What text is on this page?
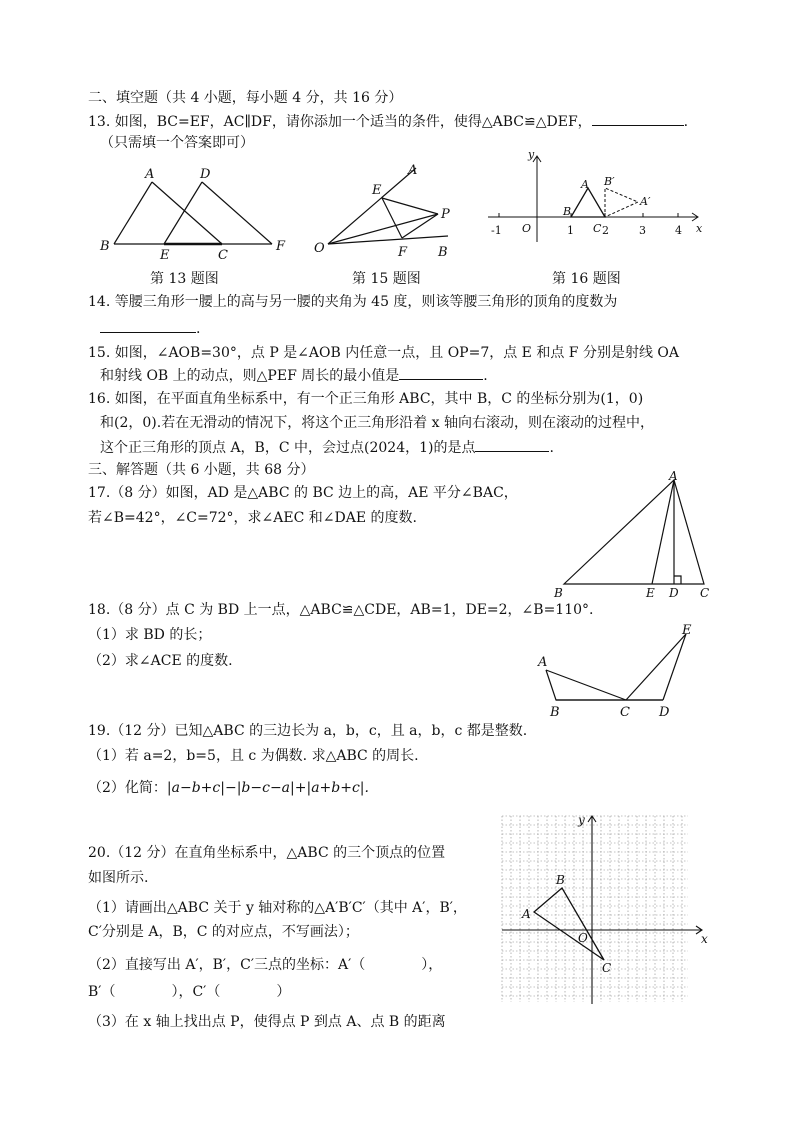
二、填空题（共 4 小题，每小题 4 分，共 16 分）
13. 如图，BC=EF，AC∥DF，请你添加一个适当的条件，使得△ABC≌△DEF，	.
（只需填一个答案即可）
A	D
B
E	C
F
第 13 题图
O
A
E
P
F B
第 15 题图
y
x
O
-1	1	2	3	4
A
B
C
B′
A′
第 16 题图
14. 等腰三角形一腰上的高与另一腰的夹角为 45 度，则该等腰三角形的顶角的度数为
.
15. 如图，∠AOB=30°，点 P 是∠AOB 内任意一点，且 OP=7，点 E 和点 F 分别是射线 OA
和射线 OB 上的动点，则△PEF 周长的最小值是	.
16. 如图，在平面直角坐标系中，有一个正三角形 ABC，其中 B，C 的坐标分别为(1，0)
和(2，0).若在无滑动的情况下，将这个正三角形沿着 x 轴向右滚动，则在滚动的过程中，
这个正三角形的顶点 A，B，C 中，会过点(2024，1)的是点	.
三、解答题（共 6 小题，共 68 分）
17.（8 分）如图，AD 是△ABC 的 BC 边上的高，AE 平分∠BAC，
若∠B=42°，∠C=72°，求∠AEC 和∠DAE 的度数.
A
B	E D C
18.（8 分）点 C 为 BD 上一点，△ABC≌△CDE，AB=1，DE=2，∠B=110°.
（1）求 BD 的长；
（2）求∠ACE 的度数.	A
B	C D
E
19.（12 分）已知△ABC 的三边长为 a，b，c，且 a，b，c 都是整数.
（1）若 a=2，b=5，且 c 为偶数. 求△ABC 的周长.
（2）化简：|a−b+c|−|b−c−a|+|a+b+c|.
20.（12 分）在直角坐标系中，△ABC 的三个顶点的位置
如图所示.
（1）请画出△ABC 关于 y 轴对称的△A′B′C′（其中 A′，B′，
C′分别是 A，B，C 的对应点，不写画法）；
（2）直接写出 A′，B′，C′三点的坐标：A′（　　　　），
B′（　　　　），C′（　　　　）
（3）在 x 轴上找出点 P，使得点 P 到点 A、点 B 的距离
x
y
O
A
B
C
